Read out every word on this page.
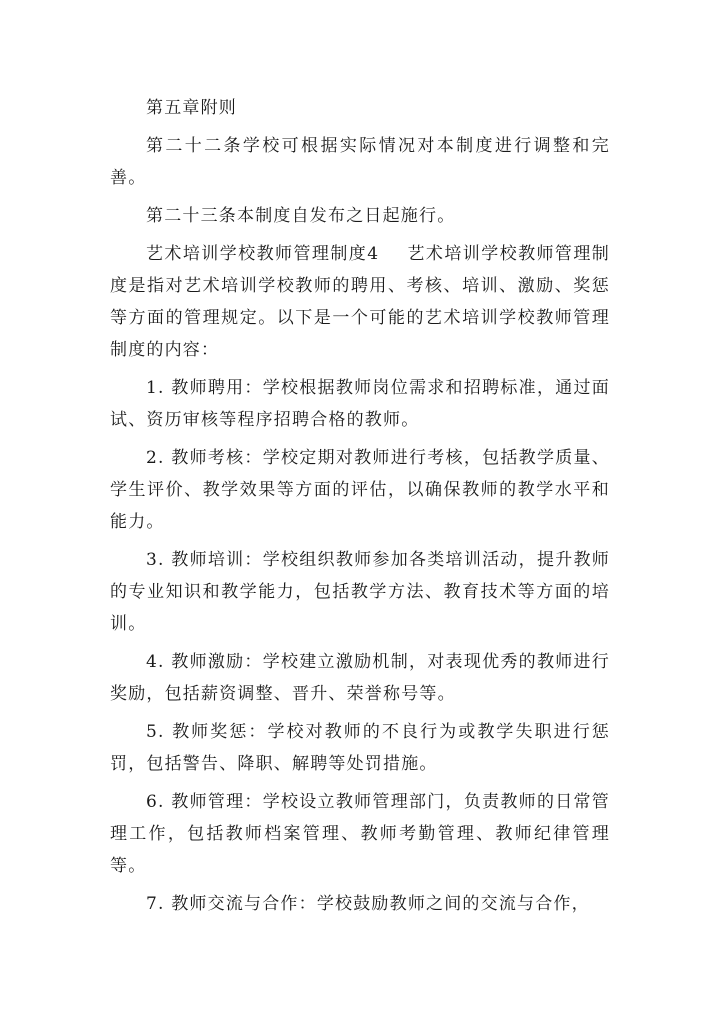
第五章附则

第二十二条学校可根据实际情况对本制度进行调整和完善。

第二十三条本制度自发布之日起施行。

艺术培训学校教师管理制度4 艺术培训学校教师管理制度是指对艺术培训学校教师的聘用、考核、培训、激励、奖惩等方面的管理规定。以下是一个可能的艺术培训学校教师管理制度的内容：

1. 教师聘用：学校根据教师岗位需求和招聘标准，通过面试、资历审核等程序招聘合格的教师。

2. 教师考核：学校定期对教师进行考核，包括教学质量、学生评价、教学效果等方面的评估，以确保教师的教学水平和能力。

3. 教师培训：学校组织教师参加各类培训活动，提升教师的专业知识和教学能力，包括教学方法、教育技术等方面的培训。

4. 教师激励：学校建立激励机制，对表现优秀的教师进行奖励，包括薪资调整、晋升、荣誉称号等。

5. 教师奖惩：学校对教师的不良行为或教学失职进行惩罚，包括警告、降职、解聘等处罚措施。

6. 教师管理：学校设立教师管理部门，负责教师的日常管理工作，包括教师档案管理、教师考勤管理、教师纪律管理等。

7. 教师交流与合作：学校鼓励教师之间的交流与合作，
